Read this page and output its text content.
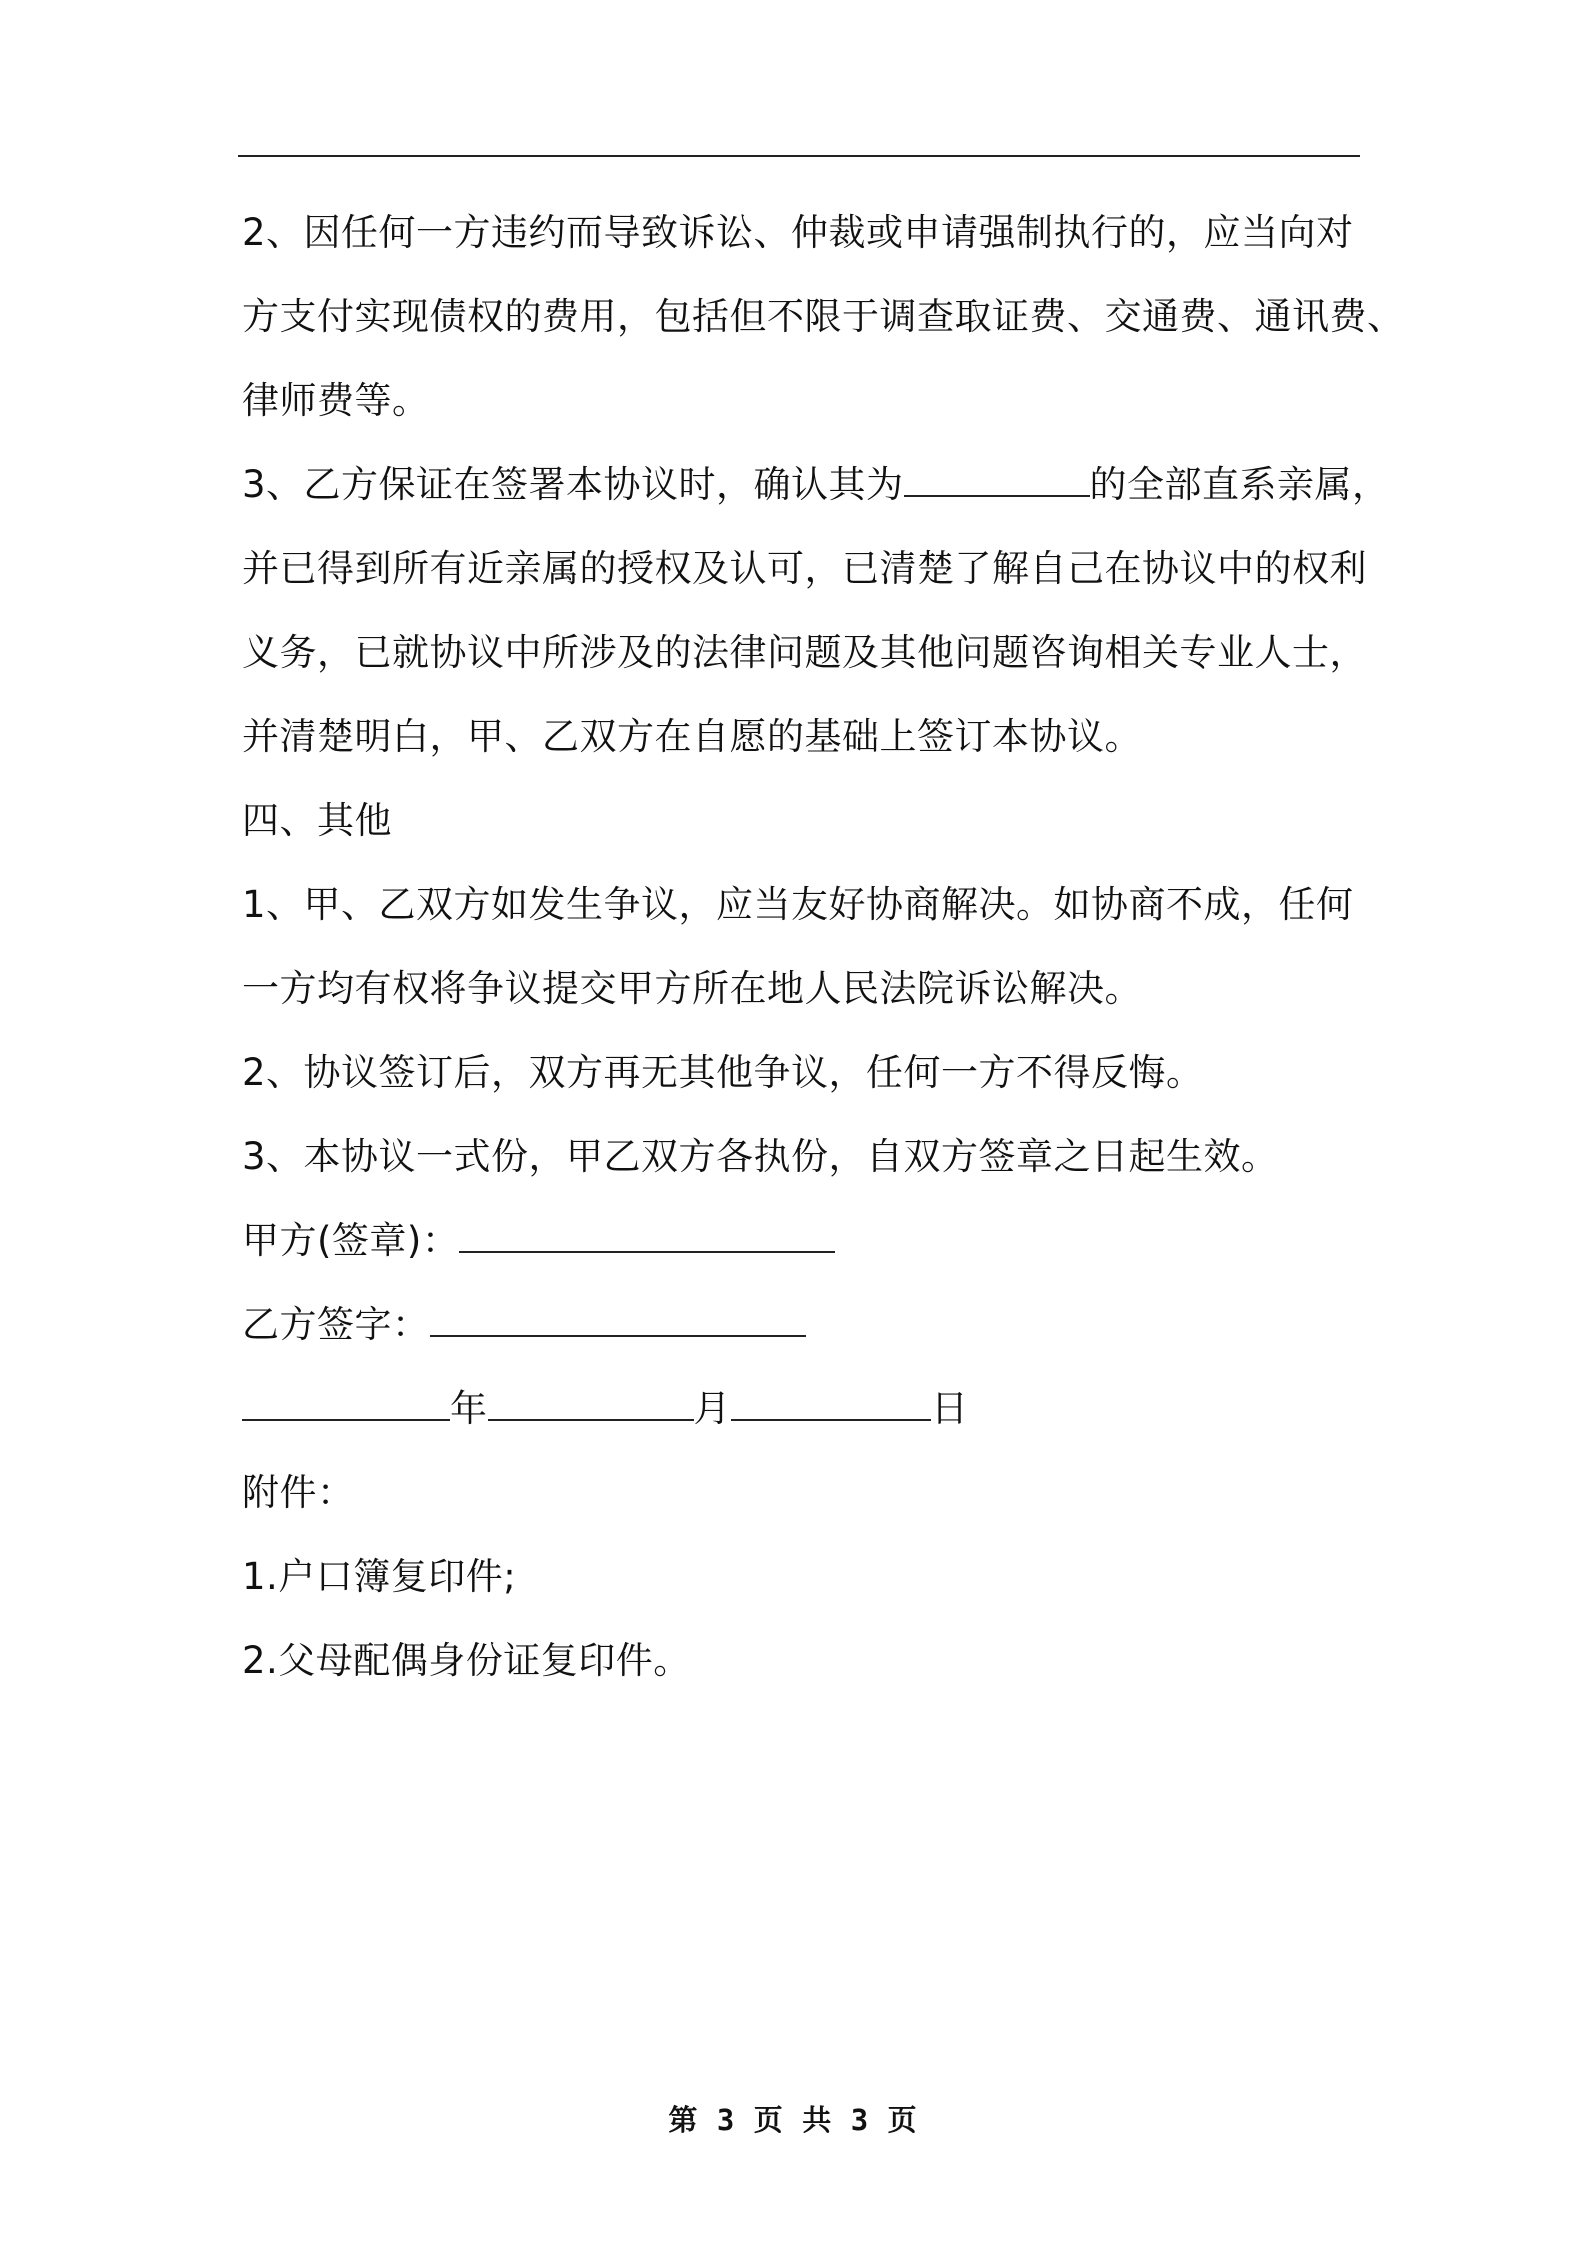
2、因任何一方违约而导致诉讼、仲裁或申请强制执行的，应当向对
方支付实现债权的费用，包括但不限于调查取证费、交通费、通讯费、
律师费等。
3、乙方保证在签署本协议时，确认其为	的全部直系亲属，
并已得到所有近亲属的授权及认可，已清楚了解自己在协议中的权利
义务，已就协议中所涉及的法律问题及其他问题咨询相关专业人士，
并清楚明白，甲、乙双方在自愿的基础上签订本协议。
四、其他
1、甲、乙双方如发生争议，应当友好协商解决。如协商不成，任何
一方均有权将争议提交甲方所在地人民法院诉讼解决。
2、协议签订后，双方再无其他争议，任何一方不得反悔。
3、本协议一式份，甲乙双方各执份，自双方签章之日起生效。
甲方(签章)：
乙方签字：
年	月	日
附件：
1.户口簿复印件;
2.父母配偶身份证复印件。
第 3 页 共 3 页
